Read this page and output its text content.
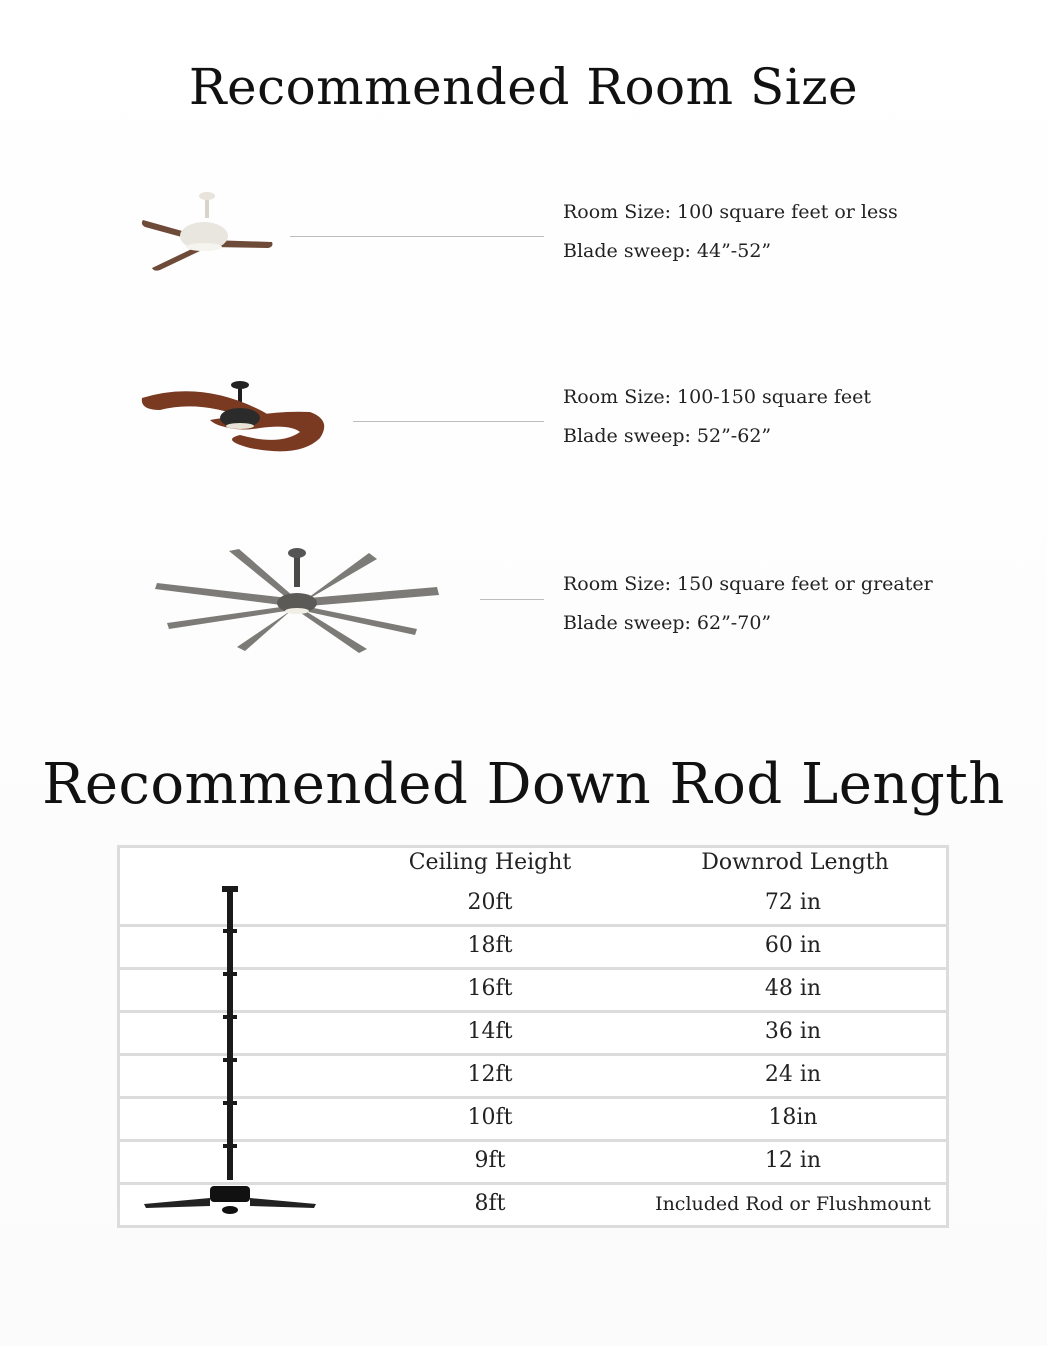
Recommended Room Size
Room Size: 100 square feet or less
Blade sweep: 44”-52”
Room Size: 100-150 square feet
Blade sweep: 52”-62”
Room Size: 150 square feet or greater
Blade sweep: 62”-70”
Recommended Down Rod Length
Ceiling Height	Downrod Length
20ft	72 in
18ft	60 in
16ft	48 in
14ft	36 in
12ft	24 in
10ft	18in
9ft	12 in
8ft	Included Rod or Flushmount
